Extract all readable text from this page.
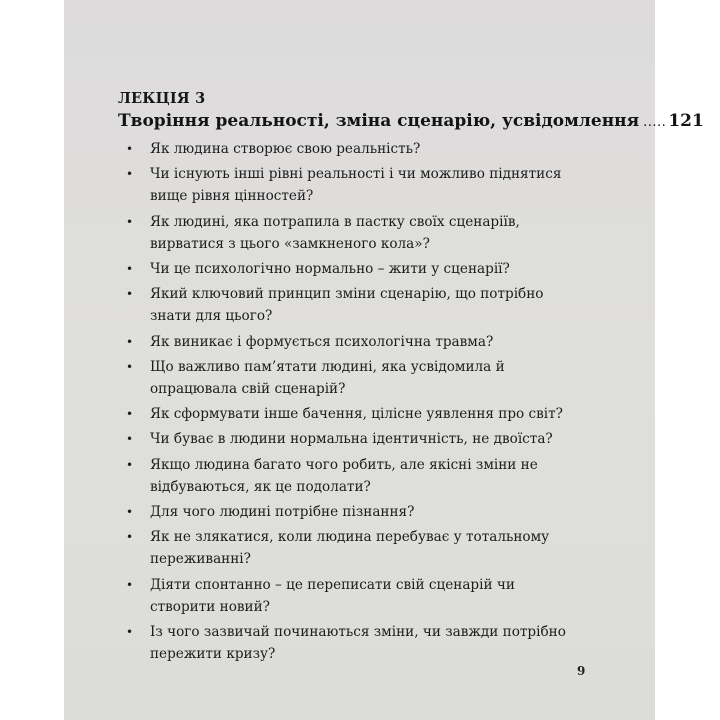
ЛЕКЦІЯ 3
Творіння реальності, зміна сценарію, усвідомлення ..... 121
• Як людина створює свою реальність?
• Чи існують інші рівні реальності і чи можливо піднятися вище рівня цінностей?
• Як людині, яка потрапила в пастку своїх сценаріїв, вирватися з цього «замкненого кола»?
• Чи це психологічно нормально – жити у сценарії?
• Який ключовий принцип зміни сценарію, що потрібно знати для цього?
• Як виникає і формується психологічна травма?
• Що важливо пам’ятати людині, яка усвідомила й опрацювала свій сценарій?
• Як сформувати інше бачення, цілісне уявлення про світ?
• Чи буває в людини нормальна ідентичність, не двоїста?
• Якщо людина багато чого робить, але якісні зміни не відбуваються, як це подолати?
• Для чого людині потрібне пізнання?
• Як не злякатися, коли людина перебуває у тотальному переживанні?
• Діяти спонтанно – це переписати свій сценарій чи створити новий?
• Із чого зазвичай починаються зміни, чи завжди потрібно пережити кризу?
9
